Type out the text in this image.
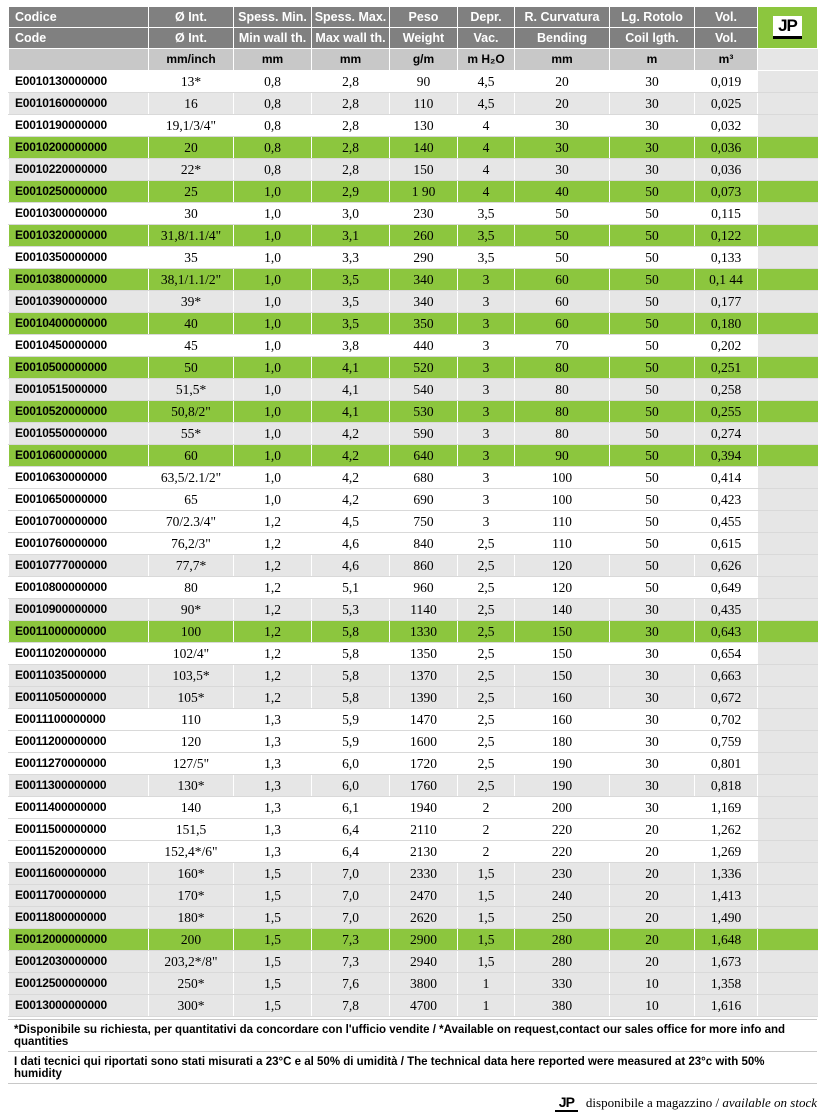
Codice	Ø Int.	Spess. Min.	Spess. Max.	Peso	Depr.	R. Curvatura	Lg. Rotolo	Vol.	JP

Code	Ø Int.	Min wall th.	Max wall th.	Weight	Vac.	Bending	Coil lgth.	Vol.	
	mm/inch	mm	mm	g/m	m H₂O	mm	m	m³	
E0010130000000	13*	0,8	2,8	90	4,5	20	30	0,019	
E0010160000000	16	0,8	2,8	110	4,5	20	30	0,025	
E0010190000000	19,1/3/4"	0,8	2,8	130	4	30	30	0,032	
E0010200000000	20	0,8	2,8	140	4	30	30	0,036	
E0010220000000	22*	0,8	2,8	150	4	30	30	0,036	
E0010250000000	25	1,0	2,9	1 90	4	40	50	0,073	
E0010300000000	30	1,0	3,0	230	3,5	50	50	0,115	
E0010320000000	31,8/1.1/4"	1,0	3,1	260	3,5	50	50	0,122	
E0010350000000	35	1,0	3,3	290	3,5	50	50	0,133	
E0010380000000	38,1/1.1/2"	1,0	3,5	340	3	60	50	0,1 44	
E0010390000000	39*	1,0	3,5	340	3	60	50	0,177	
E0010400000000	40	1,0	3,5	350	3	60	50	0,180	
E0010450000000	45	1,0	3,8	440	3	70	50	0,202	
E0010500000000	50	1,0	4,1	520	3	80	50	0,251	
E0010515000000	51,5*	1,0	4,1	540	3	80	50	0,258	
E0010520000000	50,8/2"	1,0	4,1	530	3	80	50	0,255	
E0010550000000	55*	1,0	4,2	590	3	80	50	0,274	
E0010600000000	60	1,0	4,2	640	3	90	50	0,394	
E0010630000000	63,5/2.1/2"	1,0	4,2	680	3	100	50	0,414	
E0010650000000	65	1,0	4,2	690	3	100	50	0,423	
E0010700000000	70/2.3/4"	1,2	4,5	750	3	110	50	0,455	
E0010760000000	76,2/3"	1,2	4,6	840	2,5	110	50	0,615	
E0010777000000	77,7*	1,2	4,6	860	2,5	120	50	0,626	
E0010800000000	80	1,2	5,1	960	2,5	120	50	0,649	
E0010900000000	90*	1,2	5,3	1140	2,5	140	30	0,435	
E0011000000000	100	1,2	5,8	1330	2,5	150	30	0,643	
E0011020000000	102/4"	1,2	5,8	1350	2,5	150	30	0,654	
E0011035000000	103,5*	1,2	5,8	1370	2,5	150	30	0,663	
E0011050000000	105*	1,2	5,8	1390	2,5	160	30	0,672	
E0011100000000	110	1,3	5,9	1470	2,5	160	30	0,702	
E0011200000000	120	1,3	5,9	1600	2,5	180	30	0,759	
E0011270000000	127/5"	1,3	6,0	1720	2,5	190	30	0,801	
E0011300000000	130*	1,3	6,0	1760	2,5	190	30	0,818	
E0011400000000	140	1,3	6,1	1940	2	200	30	1,169	
E0011500000000	151,5	1,3	6,4	2110	2	220	20	1,262	
E0011520000000	152,4*/6"	1,3	6,4	2130	2	220	20	1,269	
E0011600000000	160*	1,5	7,0	2330	1,5	230	20	1,336	
E0011700000000	170*	1,5	7,0	2470	1,5	240	20	1,413	
E0011800000000	180*	1,5	7,0	2620	1,5	250	20	1,490	
E0012000000000	200	1,5	7,3	2900	1,5	280	20	1,648	
E0012030000000	203,2*/8"	1,5	7,3	2940	1,5	280	20	1,673	
E0012500000000	250*	1,5	7,6	3800	1	330	10	1,358	
E0013000000000	300*	1,5	7,8	4700	1	380	10	1,616	
*Disponibile su richiesta, per quantitativi da concordare con l'ufficio vendite / *Available on request,contact our sales office for more info and quantities
I dati tecnici qui riportati sono stati misurati a 23°C e al 50% di umidità / The technical data here reported were measured at 23°c with 50% humidity
JP disponibile a magazzino / available on stock
